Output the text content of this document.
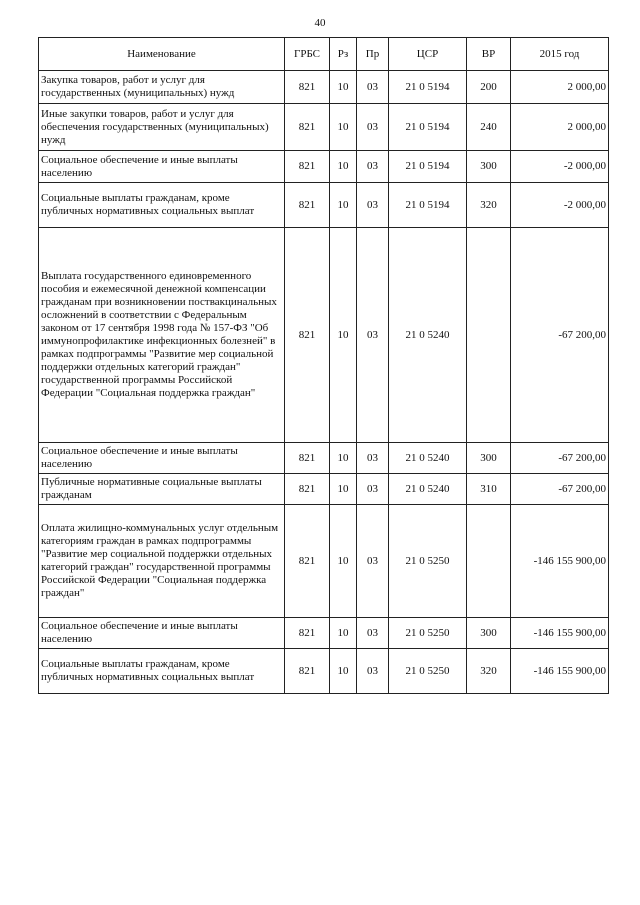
40
Наименование	ГРБС	Рз	Пр	ЦСР	ВР	2015 год
Закупка товаров, работ и услуг для государственных (муниципальных) нужд	821	10	03	21 0 5194	200	2 000,00
Иные закупки товаров, работ и услуг для обеспечения государственных (муниципальных) нужд	821	10	03	21 0 5194	240	2 000,00
Социальное обеспечение и иные выплаты населению	821	10	03	21 0 5194	300	-2 000,00
Социальные выплаты гражданам, кроме публичных нормативных социальных выплат	821	10	03	21 0 5194	320	-2 000,00
Выплата государственного единовременного пособия и ежемесячной денежной компенсации гражданам при возникновении поствакцинальных осложнений в соответствии с Федеральным законом от 17 сентября 1998 года № 157-ФЗ "Об иммунопрофилактике инфекционных болезней" в рамках подпрограммы "Развитие мер социальной поддержки отдельных категорий граждан" государственной программы Российской Федерации "Социальная поддержка граждан"	821	10	03	21 0 5240		-67 200,00
Социальное обеспечение и иные выплаты населению	821	10	03	21 0 5240	300	-67 200,00
Публичные нормативные социальные выплаты гражданам	821	10	03	21 0 5240	310	-67 200,00
Оплата жилищно-коммунальных услуг отдельным категориям граждан в рамках подпрограммы "Развитие мер социальной поддержки отдельных категорий граждан" государственной программы Российской Федерации "Социальная поддержка граждан"	821	10	03	21 0 5250		-146 155 900,00
Социальное обеспечение и иные выплаты населению	821	10	03	21 0 5250	300	-146 155 900,00
Социальные выплаты гражданам, кроме публичных нормативных социальных выплат	821	10	03	21 0 5250	320	-146 155 900,00
